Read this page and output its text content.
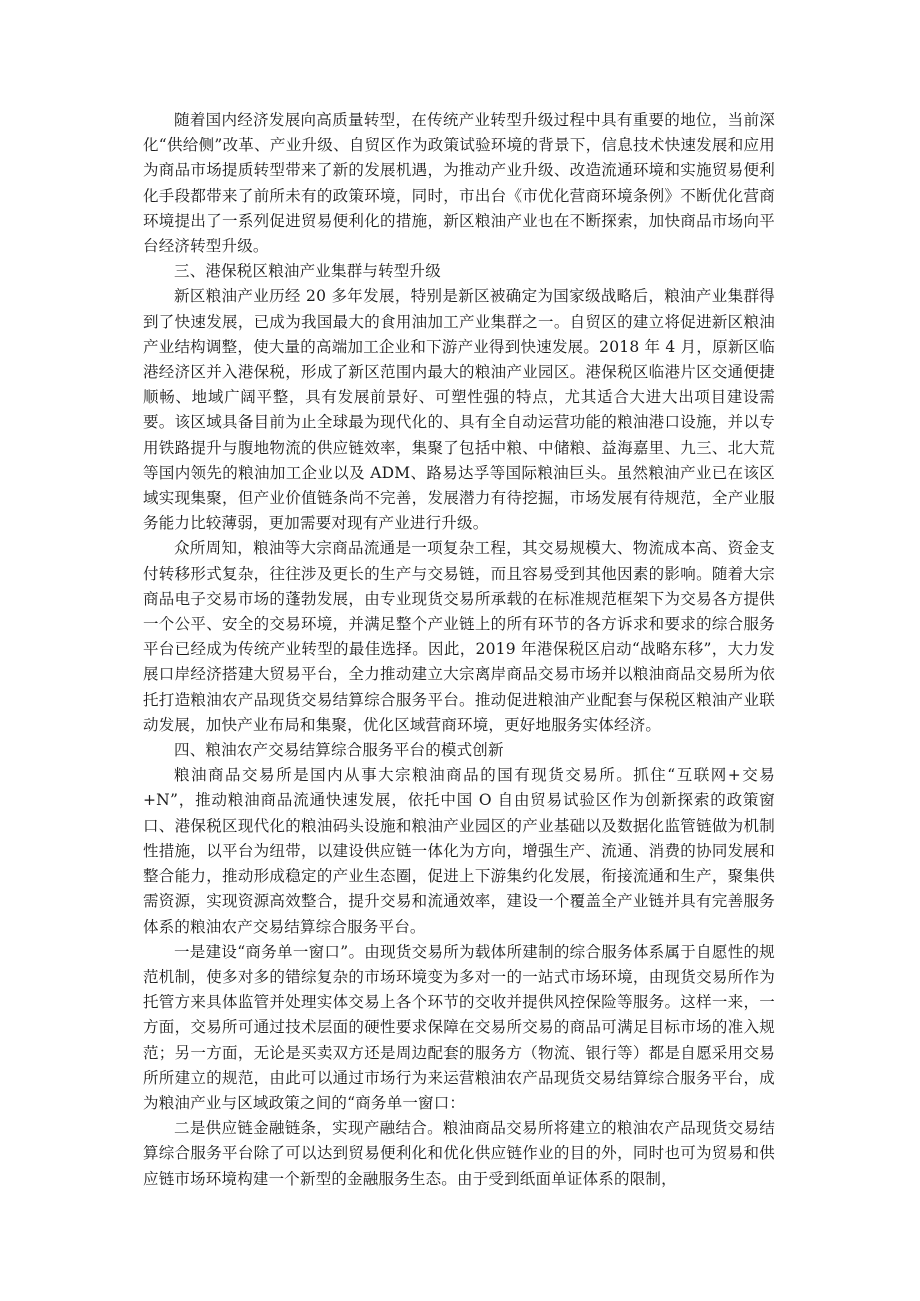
随着国内经济发展向高质量转型，在传统产业转型升级过程中具有重要的地位，当前深化“供给侧”改革、产业升级、自贸区作为政策试验环境的背景下，信息技术快速发展和应用为商品市场提质转型带来了新的发展机遇，为推动产业升级、改造流通环境和实施贸易便利化手段都带来了前所未有的政策环境，同时，市出台《市优化营商环境条例》不断优化营商环境提出了一系列促进贸易便利化的措施，新区粮油产业也在不断探索，加快商品市场向平台经济转型升级。

三、港保税区粮油产业集群与转型升级

新区粮油产业历经 20 多年发展，特别是新区被确定为国家级战略后，粮油产业集群得到了快速发展，已成为我国最大的食用油加工产业集群之一。自贸区的建立将促进新区粮油产业结构调整，使大量的高端加工企业和下游产业得到快速发展。2018 年 4 月，原新区临港经济区并入港保税，形成了新区范围内最大的粮油产业园区。港保税区临港片区交通便捷顺畅、地域广阔平整，具有发展前景好、可塑性强的特点，尤其适合大进大出项目建设需要。该区域具备目前为止全球最为现代化的、具有全自动运营功能的粮油港口设施，并以专用铁路提升与腹地物流的供应链效率，集聚了包括中粮、中储粮、益海嘉里、九三、北大荒等国内领先的粮油加工企业以及 ADM、路易达孚等国际粮油巨头。虽然粮油产业已在该区域实现集聚，但产业价值链条尚不完善，发展潜力有待挖掘，市场发展有待规范，全产业服务能力比较薄弱，更加需要对现有产业进行升级。

众所周知，粮油等大宗商品流通是一项复杂工程，其交易规模大、物流成本高、资金支付转移形式复杂，往往涉及更长的生产与交易链，而且容易受到其他因素的影响。随着大宗商品电子交易市场的蓬勃发展，由专业现货交易所承载的在标准规范框架下为交易各方提供一个公平、安全的交易环境，并满足整个产业链上的所有环节的各方诉求和要求的综合服务平台已经成为传统产业转型的最佳选择。因此，2019 年港保税区启动“战略东移”，大力发展口岸经济搭建大贸易平台，全力推动建立大宗离岸商品交易市场并以粮油商品交易所为依托打造粮油农产品现货交易结算综合服务平台。推动促进粮油产业配套与保税区粮油产业联动发展，加快产业布局和集聚，优化区域营商环境，更好地服务实体经济。

四、粮油农产交易结算综合服务平台的模式创新

粮油商品交易所是国内从事大宗粮油商品的国有现货交易所。抓住“互联网+交易+N”，推动粮油商品流通快速发展，依托中国 O 自由贸易试验区作为创新探索的政策窗口、港保税区现代化的粮油码头设施和粮油产业园区的产业基础以及数据化监管链做为机制性措施，以平台为纽带，以建设供应链一体化为方向，增强生产、流通、消费的协同发展和整合能力，推动形成稳定的产业生态圈，促进上下游集约化发展，衔接流通和生产，聚集供需资源，实现资源高效整合，提升交易和流通效率，建设一个覆盖全产业链并具有完善服务体系的粮油农产交易结算综合服务平台。

一是建设“商务单一窗口”。由现货交易所为载体所建制的综合服务体系属于自愿性的规范机制，使多对多的错综复杂的市场环境变为多对一的一站式市场环境，由现货交易所作为托管方来具体监管并处理实体交易上各个环节的交收并提供风控保险等服务。这样一来，一方面，交易所可通过技术层面的硬性要求保障在交易所交易的商品可满足目标市场的准入规范；另一方面，无论是买卖双方还是周边配套的服务方（物流、银行等）都是自愿采用交易所所建立的规范，由此可以通过市场行为来运营粮油农产品现货交易结算综合服务平台，成为粮油产业与区域政策之间的“商务单一窗口：

二是供应链金融链条，实现产融结合。粮油商品交易所将建立的粮油农产品现货交易结算综合服务平台除了可以达到贸易便利化和优化供应链作业的目的外，同时也可为贸易和供应链市场环境构建一个新型的金融服务生态。由于受到纸面单证体系的限制，
